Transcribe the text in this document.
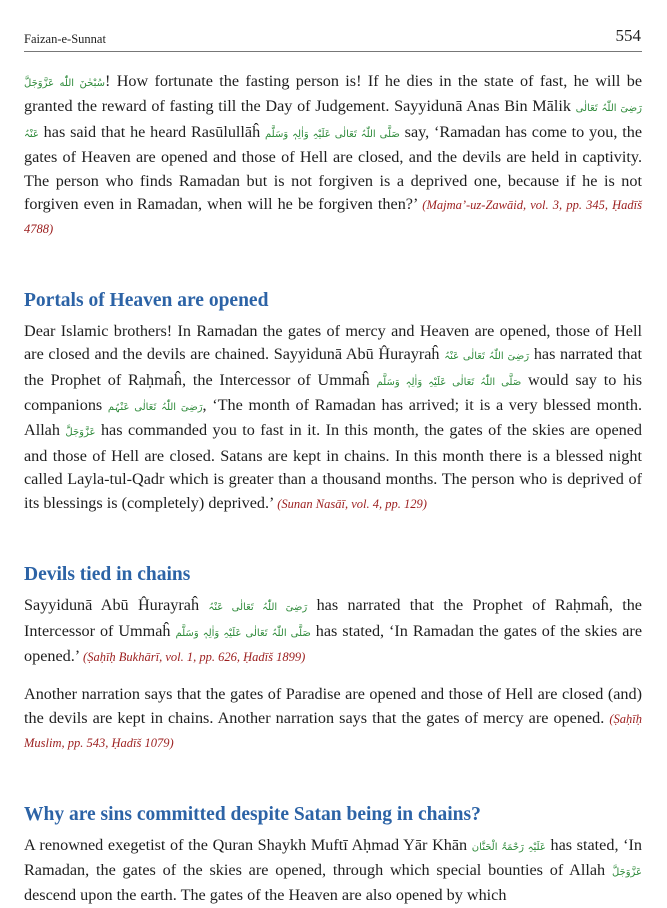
Faizan-e-Sunnat	554

سُبْحٰنَ اللّٰه عَزَّوَجَلَّ! How fortunate the fasting person is! If he dies in the state of fast, he will be granted the reward of fasting till the Day of Judgement. Sayyidunā Anas Bin Mālik رَضِیَ اللّٰہُ تَعَالٰی عَنْہُ has said that he heard Rasūlullāĥ صَلَّی اللّٰہُ تَعَالٰی عَلَیْہِ وَاٰلِہٖ وَسَلَّم say, ‘Ramadan has come to you, the gates of Heaven are opened and those of Hell are closed, and the devils are held in captivity. The person who finds Ramadan but is not forgiven is a deprived one, because if he is not forgiven even in Ramadan, when will he be forgiven then?’ (Majma’-uz-Zawāid, vol. 3, pp. 345, Ḥadīš 4788)

Portals of Heaven are opened

Dear Islamic brothers! In Ramadan the gates of mercy and Heaven are opened, those of Hell are closed and the devils are chained. Sayyidunā Abū Ĥurayraĥ رَضِیَ اللّٰہُ تَعَالٰی عَنْہُ has narrated that the Prophet of Raḥmaĥ, the Intercessor of Ummaĥ صَلَّی اللّٰہُ تَعَالٰی عَلَیْہِ وَاٰلِہٖ وَسَلَّم would say to his companions رَضِیَ اللّٰہُ تَعَالٰی عَنْہُم, ‘The month of Ramadan has arrived; it is a very blessed month. Allah عَزَّوَجَلَّ has commanded you to fast in it. In this month, the gates of the skies are opened and those of Hell are closed. Satans are kept in chains. In this month there is a blessed night called Layla-tul-Qadr which is greater than a thousand months. The person who is deprived of its blessings is (completely) deprived.’ (Sunan Nasāī, vol. 4, pp. 129)

Devils tied in chains

Sayyidunā Abū Ĥurayraĥ رَضِیَ اللّٰہُ تَعَالٰی عَنْہُ has narrated that the Prophet of Raḥmaĥ, the Intercessor of Ummaĥ صَلَّی اللّٰہُ تَعَالٰی عَلَیْہِ وَاٰلِہٖ وَسَلَّم has stated, ‘In Ramadan the gates of the skies are opened.’ (Ṣaḥīḥ Bukhārī, vol. 1, pp. 626, Ḥadīš 1899)

Another narration says that the gates of Paradise are opened and those of Hell are closed (and) the devils are kept in chains. Another narration says that the gates of mercy are opened. (Ṣaḥīḥ Muslim, pp. 543, Ḥadīš 1079)

Why are sins committed despite Satan being in chains?

A renowned exegetist of the Quran Shaykh Muftī Aḥmad Yār Khān عَلَیْہِ رَحْمَۃُ الْحَنَّان has stated, ‘In Ramadan, the gates of the skies are opened, through which special bounties of Allah عَزَّوَجَلَّ descend upon the earth. The gates of the Heaven are also opened by which
